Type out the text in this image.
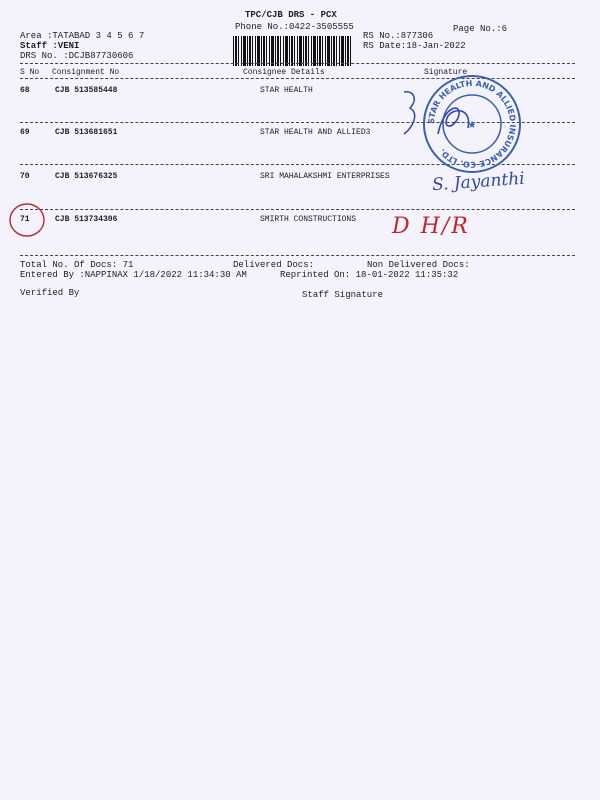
TPC/CJB DRS - PCX
Phone No.:0422-3505555	Page No.:6
Area :TATABAD 3 4 5 6 7
Staff :VENI
DRS No. :DCJB87730606
RS No.:877306
RS Date:18-Jan-2022
S No Consignment No	Consignee Details	Signature
68	CJB 513585448	STAR HEALTH
69	CJB 513681651	STAR HEALTH AND ALLIED3
70	CJB 513676325	SRI MAHALAKSHMI ENTERPRISES
71	CJB 513734306	SMIRTH CONSTRUCTIONS
STAR HEALTH AND ALLIED INSURANCE CO. LTD.
★
S. Jayanthi
D H/R
Total No. Of Docs: 71	Delivered Docs:	Non Delivered Docs:
Entered By :NAPPINAX 1/18/2022 11:34:30 AM	Reprinted On: 18-01-2022 11:35:32
Verified By	Staff Signature
